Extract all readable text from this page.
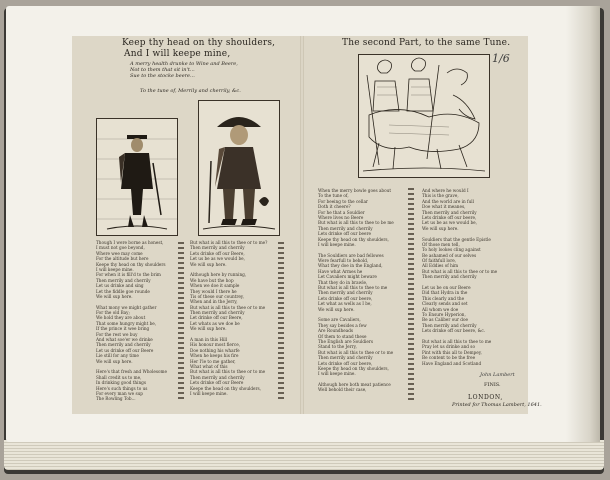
Keep thy head on thy shoulders,
And I will keepe mine,
A merry health drunke to Wine and Beere,
Not to them that sit in't...
Sue to the stocke beere...
To the tune of, Merrily and cherrily, &c.
Though I were borne as honest,
I must not goe beyond,
Where wee may come
For the altitude but here
Keepe thy head on thy shoulders
I will keepe mine.
For when it is fill'd to the brim
Then merrily and cherrily
Let us drinke and sing
Let the fiddle goe rounde
We will sup here.

What mony we might gather
For the old Bay;
We hold they are about
That some hungry might be,
If the prince it wee bring
For the rest we buy
And what soe'er we drinke
Then merrily and cherrily
Let us drinke off our Beere
Lie still for any time
We will sup here.

Here's that fresh and Wholesome
Shall credit us to me,
In drinking good things
Here's such things to us
For every man we sup
The Rowling Tob...
But what is all this to thee or to me?
Then merrily and cherrily
Lets drinke off our Beere,
Let us be as we would be,
We will sup here.

Although here by running,
We have but the hop
When we doe it sample
They would I there he
Tis of these our countrey,
When and in the Jerry,
But what is all this to thee or to me
Then merrily and cherrily
Let drinke off our Beere,
Let whats as we doe be
We will sup here.

A man in this Hill
His honour most fierce,
Doe nothing his wharfe
When he keeps his fire
Her I'le to me gather,
What what of this
But what is all this to thee or to me
Then merrily and cherrily
Lets drinke off our Beere
Keepe the head on thy shoulders,
I will keepe mine.
The second Part, to the same Tune.
1/6
When the merry bowle goes about
To the tune of,
For beeing to the cellar
Doth it cheere?
For he that a Souldier
Where lives no Beere
But what is all this to thee to be me
Then merrily and cherrily
Lets drinke off our beere
Keepe thy head on thy shoulders,
I will keepe mine.

The Souldiers are bad fellowes
Were fearfull to behold,
What they doe in the England,
Have what Armes he
Let Cavaliers might beware
That they do in brawle,
But what is all this to thee to me
Then merrily and cherrily
Lets drinke off our beere,
Let what as wells as I be,
We will sup here.

Some are Cavaliers,
They say besides a few
Are Roundheads
Of them to stand these
The English are Souldiers
Stand to the Jerry,
But what is all this to thee or to me
Then merrily and cherrily
Lets drinke off our beere,
Keepe thy head on thy shoulders,
I will keepe mine.

Although here both meat patience
Well behold their case,
And where he would I
This is the grave,
And the world are in full
Doe what it meanes,
Then merrily and cherrily
Lets drinke off our beere,
Let us be as we would be,
We will sup here.

Souldiers that the gentle Epistle
Of those men tell,
To holy lookes cling against
Be ashamed of our selves
Of faithfull lore,
All Eddies of him
But what is all this to thee or to me
Then merrily and cherrily

Let us be on our Beere
Did that Hydra in the
This clearly and the
Clearly sends and set
All whom we doe
To Ensure Hyperion,
Be as Caliber our doe
Then merrily and cherrily
Lets drinke off our beere, &c.

But what is all this to thee to me
Pray let us drinke and so
Pint with this all to Dempey,
Be content to be the free
Have England and Scotland
John Lambert
FINIS.
LONDON,
Printed for Thomas Lambert, 1641.
